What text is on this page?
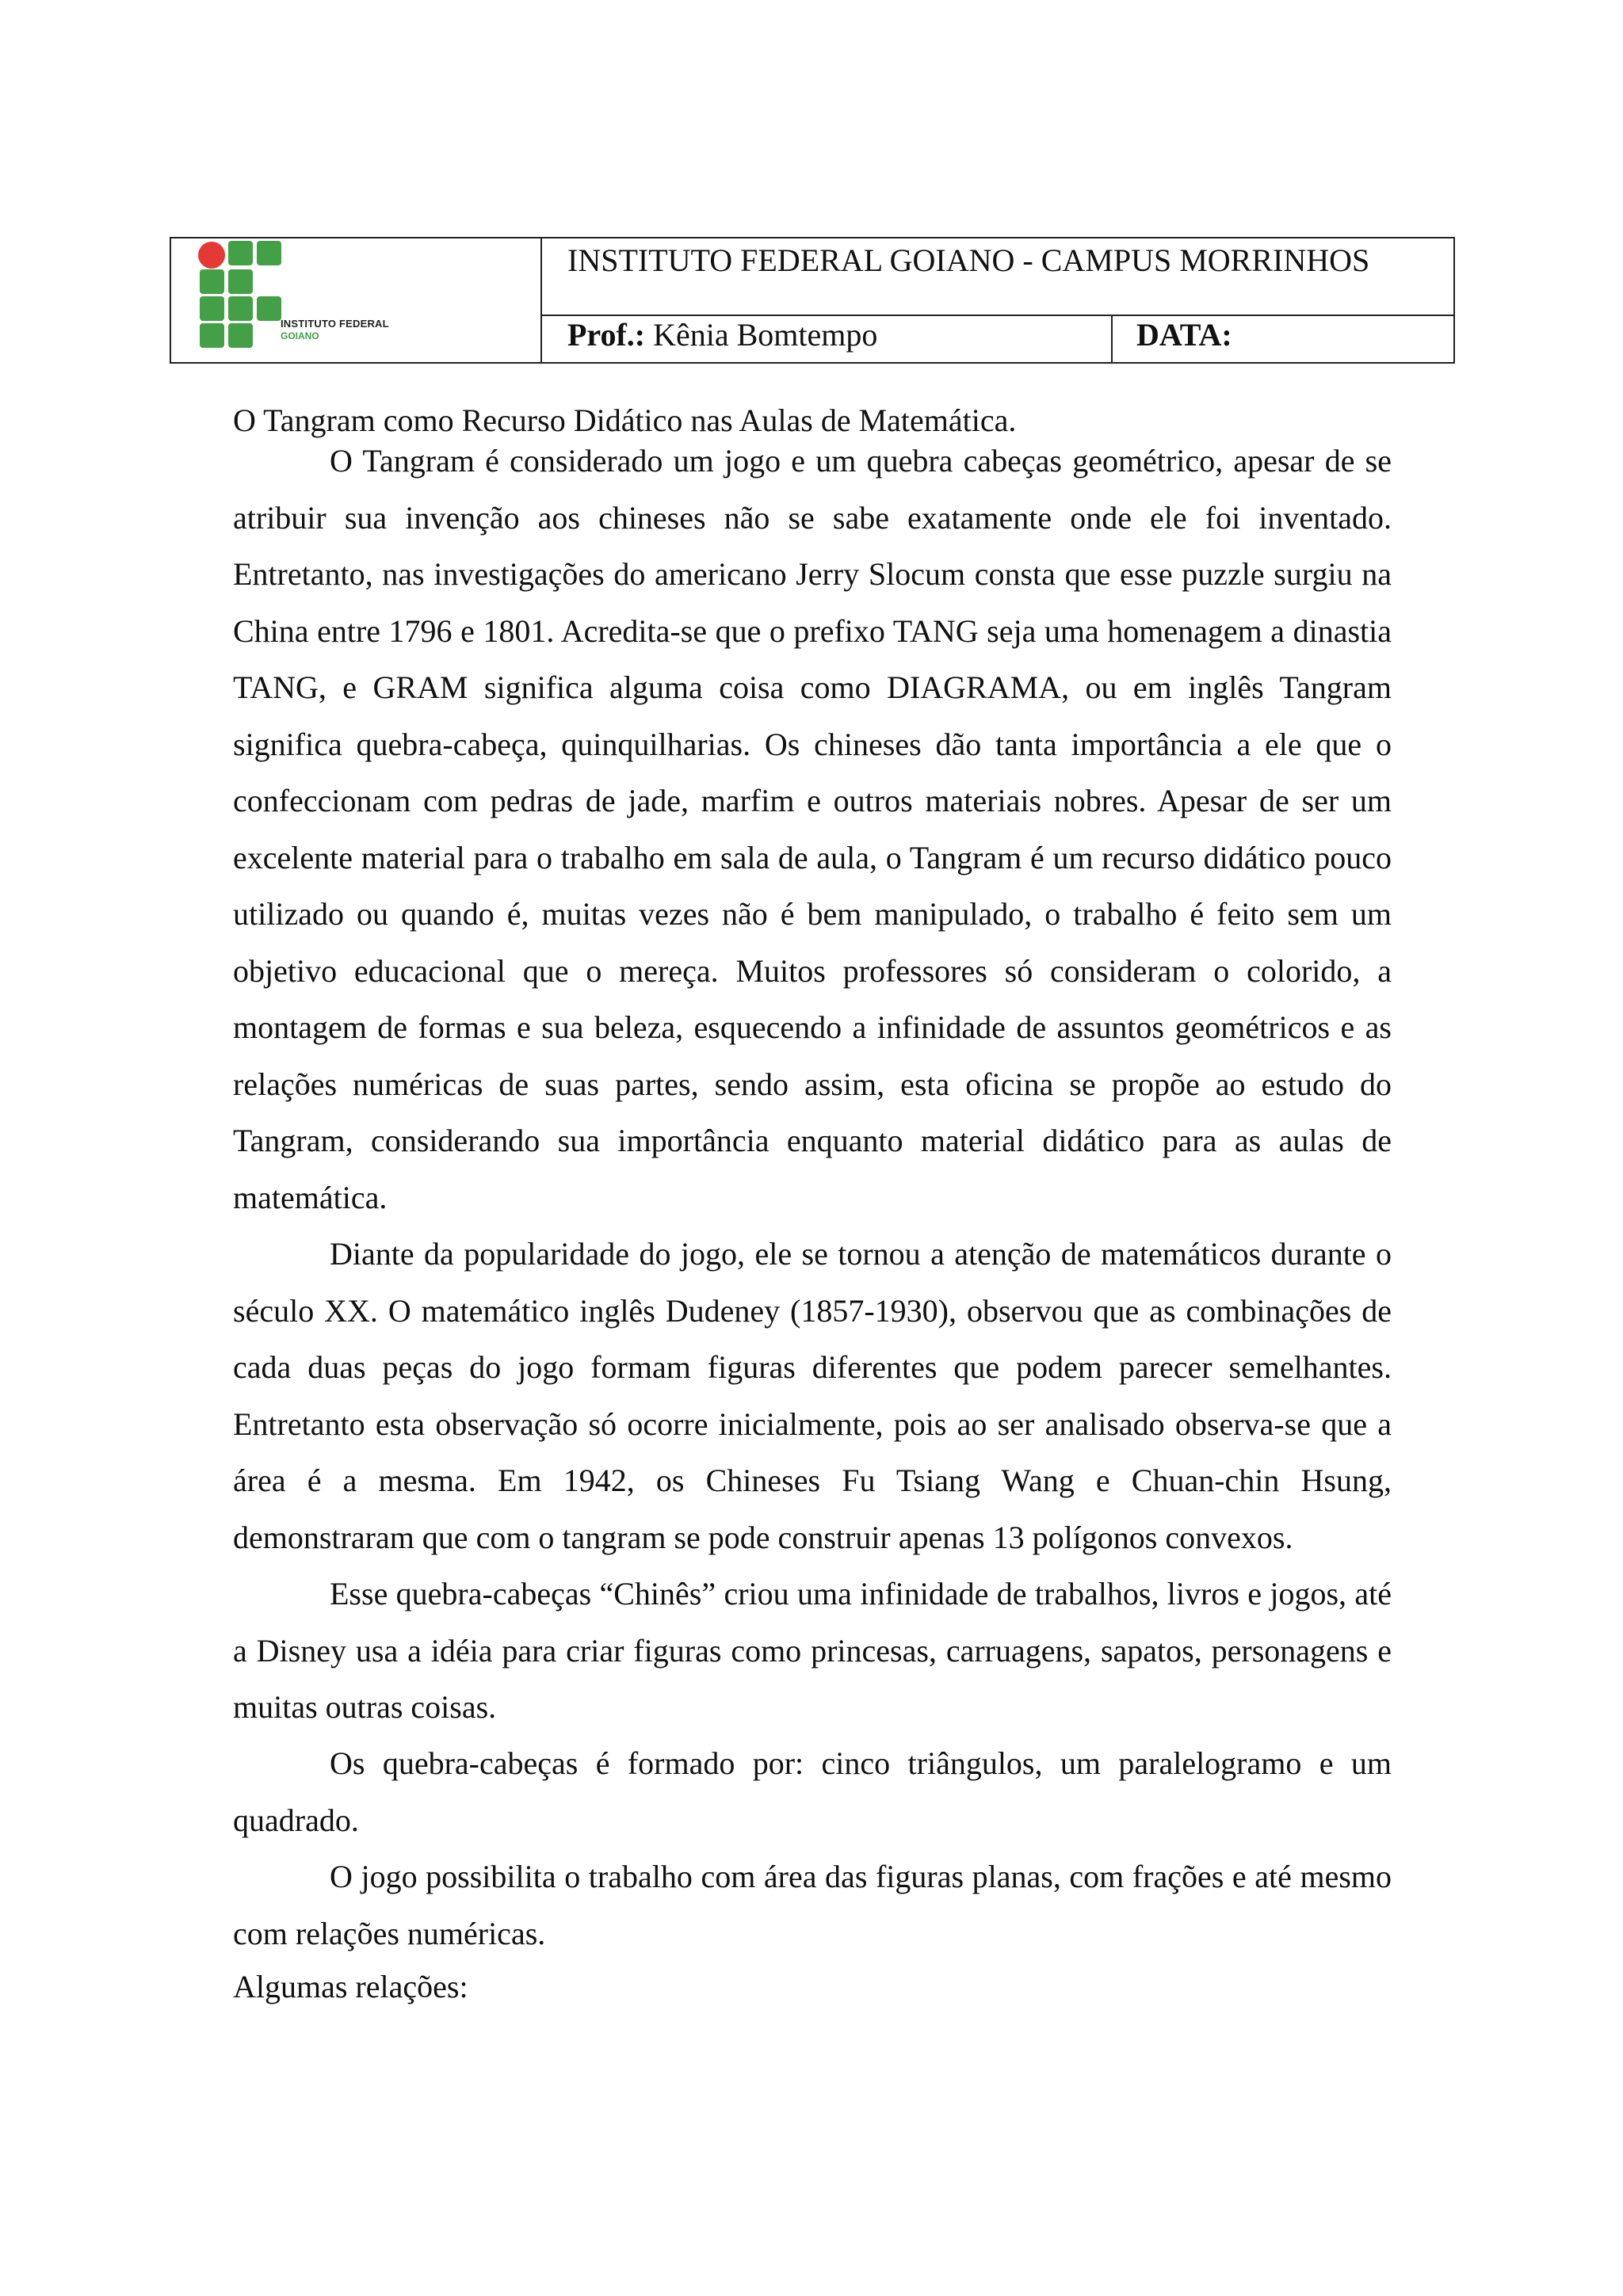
INSTITUTO FEDERAL
GOIANO
INSTITUTO FEDERAL GOIANO - CAMPUS MORRINHOS
Prof.: Kênia Bomtempo	DATA:
O Tangram como Recurso Didático nas Aulas de Matemática.

O Tangram é considerado um jogo e um quebra cabeças geométrico, apesar de se atribuir sua invenção aos chineses não se sabe exatamente onde ele foi inventado. Entretanto, nas investigações do americano Jerry Slocum consta que esse puzzle surgiu na China entre 1796 e 1801. Acredita-se que o prefixo TANG seja uma homenagem a dinastia TANG, e GRAM significa alguma coisa como DIAGRAMA, ou em inglês Tangram significa quebra-cabeça, quinquilharias. Os chineses dão tanta importância a ele que o confeccionam com pedras de jade, marfim e outros materiais nobres. Apesar de ser um excelente material para o trabalho em sala de aula, o Tangram é um recurso didático pouco utilizado ou quando é, muitas vezes não é bem manipulado, o trabalho é feito sem um objetivo educacional que o mereça. Muitos professores só consideram o colorido, a montagem de formas e sua beleza, esquecendo a infinidade de assuntos geométricos e as relações numéricas de suas partes, sendo assim, esta oficina se propõe ao estudo do Tangram, considerando sua importância enquanto material didático para as aulas de matemática.

Diante da popularidade do jogo, ele se tornou a atenção de matemáticos durante o século XX. O matemático inglês Dudeney (1857-1930), observou que as combinações de cada duas peças do jogo formam figuras diferentes que podem parecer semelhantes. Entretanto esta observação só ocorre inicialmente, pois ao ser analisado observa-se que a área é a mesma. Em 1942, os Chineses Fu Tsiang Wang e Chuan-chin Hsung, demonstraram que com o tangram se pode construir apenas 13 polígonos convexos.

Esse quebra-cabeças “Chinês” criou uma infinidade de trabalhos, livros e jogos, até a Disney usa a idéia para criar figuras como princesas, carruagens, sapatos, personagens e muitas outras coisas.

Os quebra-cabeças é formado por: cinco triângulos, um paralelogramo e um quadrado.

O jogo possibilita o trabalho com área das figuras planas, com frações e até mesmo com relações numéricas.

Algumas relações:
